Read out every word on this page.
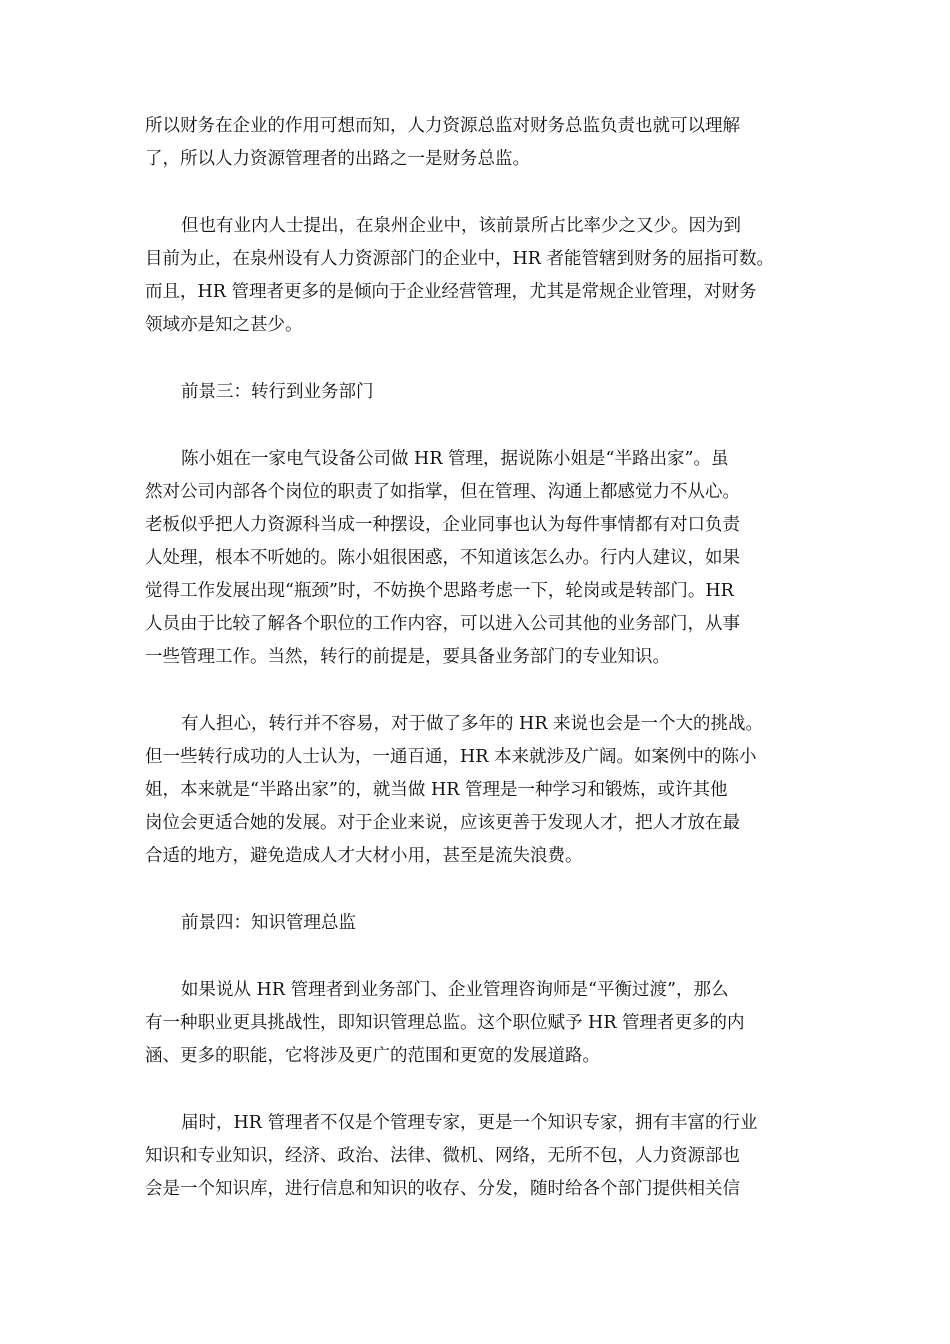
所以财务在企业的作用可想而知，人力资源总监对财务总监负责也就可以理解
了，所以人力资源管理者的出路之一是财务总监。

但也有业内人士提出，在泉州企业中，该前景所占比率少之又少。因为到
目前为止，在泉州设有人力资源部门的企业中，HR 者能管辖到财务的屈指可数。
而且，HR 管理者更多的是倾向于企业经营管理，尤其是常规企业管理，对财务
领域亦是知之甚少。

前景三：转行到业务部门

陈小姐在一家电气设备公司做 HR 管理，据说陈小姐是“半路出家”。虽
然对公司内部各个岗位的职责了如指掌，但在管理、沟通上都感觉力不从心。
老板似乎把人力资源科当成一种摆设，企业同事也认为每件事情都有对口负责
人处理，根本不听她的。陈小姐很困惑，不知道该怎么办。行内人建议，如果
觉得工作发展出现“瓶颈”时，不妨换个思路考虑一下，轮岗或是转部门。HR
人员由于比较了解各个职位的工作内容，可以进入公司其他的业务部门，从事
一些管理工作。当然，转行的前提是，要具备业务部门的专业知识。

有人担心，转行并不容易，对于做了多年的 HR 来说也会是一个大的挑战。
但一些转行成功的人士认为，一通百通，HR 本来就涉及广阔。如案例中的陈小
姐，本来就是“半路出家”的，就当做 HR 管理是一种学习和锻炼，或许其他
岗位会更适合她的发展。对于企业来说，应该更善于发现人才，把人才放在最
合适的地方，避免造成人才大材小用，甚至是流失浪费。

前景四：知识管理总监

如果说从 HR 管理者到业务部门、企业管理咨询师是“平衡过渡”，那么
有一种职业更具挑战性，即知识管理总监。这个职位赋予 HR 管理者更多的内
涵、更多的职能，它将涉及更广的范围和更宽的发展道路。

届时，HR 管理者不仅是个管理专家，更是一个知识专家，拥有丰富的行业
知识和专业知识，经济、政治、法律、微机、网络，无所不包，人力资源部也
会是一个知识库，进行信息和知识的收存、分发，随时给各个部门提供相关信
